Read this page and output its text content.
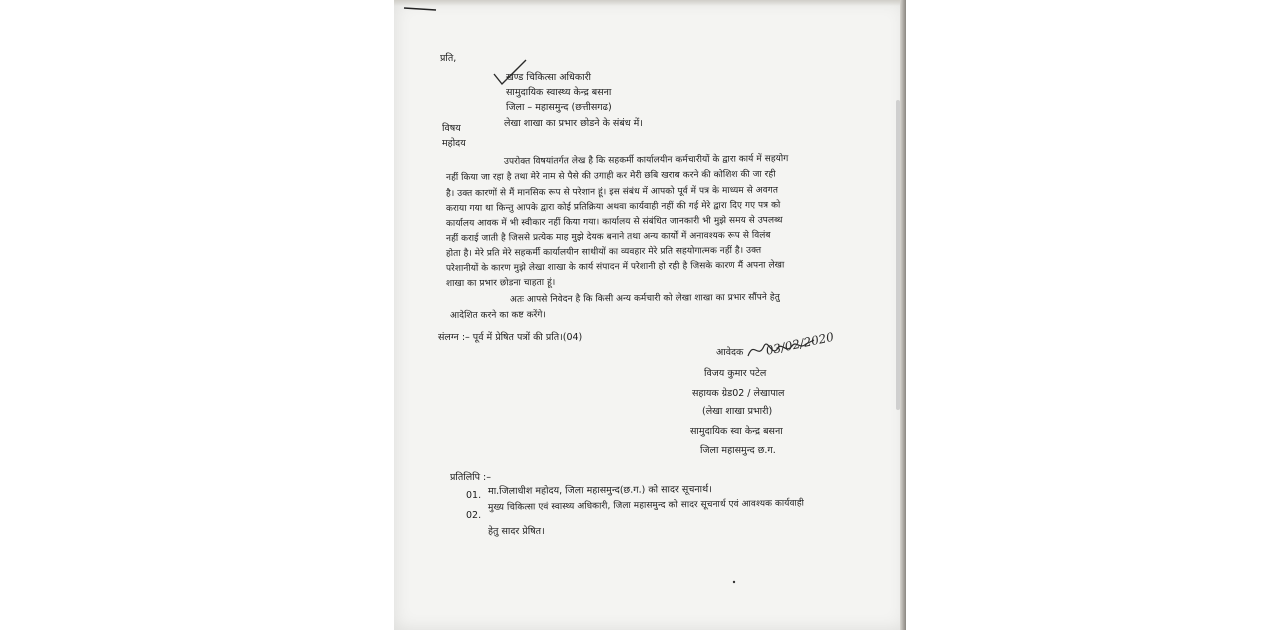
प्रति,
खण्ड चिकित्सा अधिकारी
सामुदायिक स्वास्थ्य केन्द्र बसना
जिला – महासमुन्द (छत्तीसगढ)
विषय	लेखा शाखा का प्रभार छोडने के संबंध में।
महोदय
उपरोक्त विषयांतर्गत लेख है कि सहकर्मी कार्यालयीन कर्मचारीयों के द्वारा कार्य में सहयोग
नहीं किया जा रहा है तथा मेरे नाम से पैसे की उगाही कर मेरी छबि खराब करने की कोशिश की जा रही
है। उक्त कारणों से मैं मानसिक रूप से परेशान हूं। इस संबंध में आपको पूर्व में पत्र के माध्यम से अवगत
कराया गया था किन्तु आपके द्वारा कोई प्रतिक्रिया अथवा कार्यवाही नहीं की गई मेरे द्वारा दिए गए पत्र को
कार्यालय आवक में भी स्वीकार नहीं किया गया। कार्यालय से संबंधित जानकारी भी मुझे समय से उपलब्ध
नहीं कराई जाती है जिससे प्रत्येक माह मुझे देयक बनाने तथा अन्य कार्यों में अनावश्यक रूप से विलंब
होता है। मेरे प्रति मेरे सहकर्मी कार्यालयीन साथीयों का व्यवहार मेरे प्रति सहयोगात्मक नहीं है। उक्त
परेशानीयों के कारण मुझे लेखा शाखा के कार्य संपादन में परेशानी हो रही है जिसके कारण मैं अपना लेखा
शाखा का प्रभार छोडना चाहता हूं।
अतः आपसे निवेदन है कि किसी अन्य कर्मचारी को लेखा शाखा का प्रभार सौंपने हेतु
आदेशित करने का कष्ट करेंगे।
संलग्न :– पूर्व में प्रेषित पत्रों की प्रति।(04)
आवेदक 03/02/2020
विजय कुमार पटेल
सहायक ग्रेड02 / लेखापाल
(लेखा शाखा प्रभारी)
सामुदायिक स्वा केन्द्र बसना
जिला महासमुन्द छ.ग.
प्रतिलिपि :–
01. मा.जिलाधीश महोदय, जिला महासमुन्द(छ.ग.) को सादर सूचनार्थ।
02.
मुख्य चिकित्सा एवं स्वास्थ्य अधिकारी, जिला महासमुन्द को सादर सूचनार्थ एवं आवश्यक कार्यवाही
हेतु सादर प्रेषित।
